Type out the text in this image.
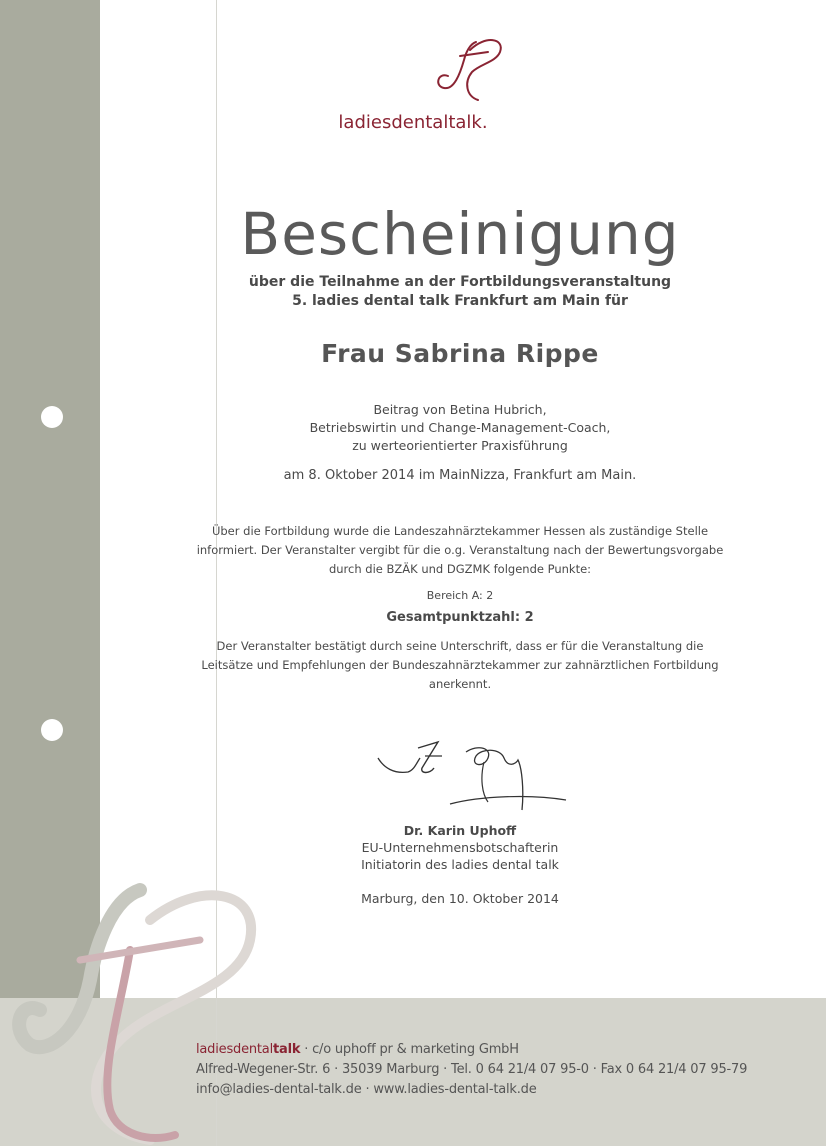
ladiesdentaltalk.
Bescheinigung
über die Teilnahme an der Fortbildungsveranstaltung
5. ladies dental talk Frankfurt am Main für
Frau Sabrina Rippe
Beitrag von Betina Hubrich,
Betriebswirtin und Change-Management-Coach,
zu werteorientierter Praxisführung
am 8. Oktober 2014 im MainNizza, Frankfurt am Main.
Über die Fortbildung wurde die Landeszahnärztekammer Hessen als zuständige Stelle
informiert. Der Veranstalter vergibt für die o.g. Veranstaltung nach der Bewertungsvorgabe
durch die BZÄK und DGZMK folgende Punkte:
Bereich A: 2
Gesamtpunktzahl: 2
Der Veranstalter bestätigt durch seine Unterschrift, dass er für die Veranstaltung die
Leitsätze und Empfehlungen der Bundeszahnärztekammer zur zahnärztlichen Fortbildung
anerkennt.
Dr. Karin Uphoff
EU-Unternehmensbotschafterin
Initiatorin des ladies dental talk
Marburg, den 10. Oktober 2014
ladiesdentaltalk · c/o uphoff pr & marketing GmbH
Alfred-Wegener-Str. 6 · 35039 Marburg · Tel. 0 64 21/4 07 95-0 · Fax 0 64 21/4 07 95-79
info@ladies-dental-talk.de · www.ladies-dental-talk.de
